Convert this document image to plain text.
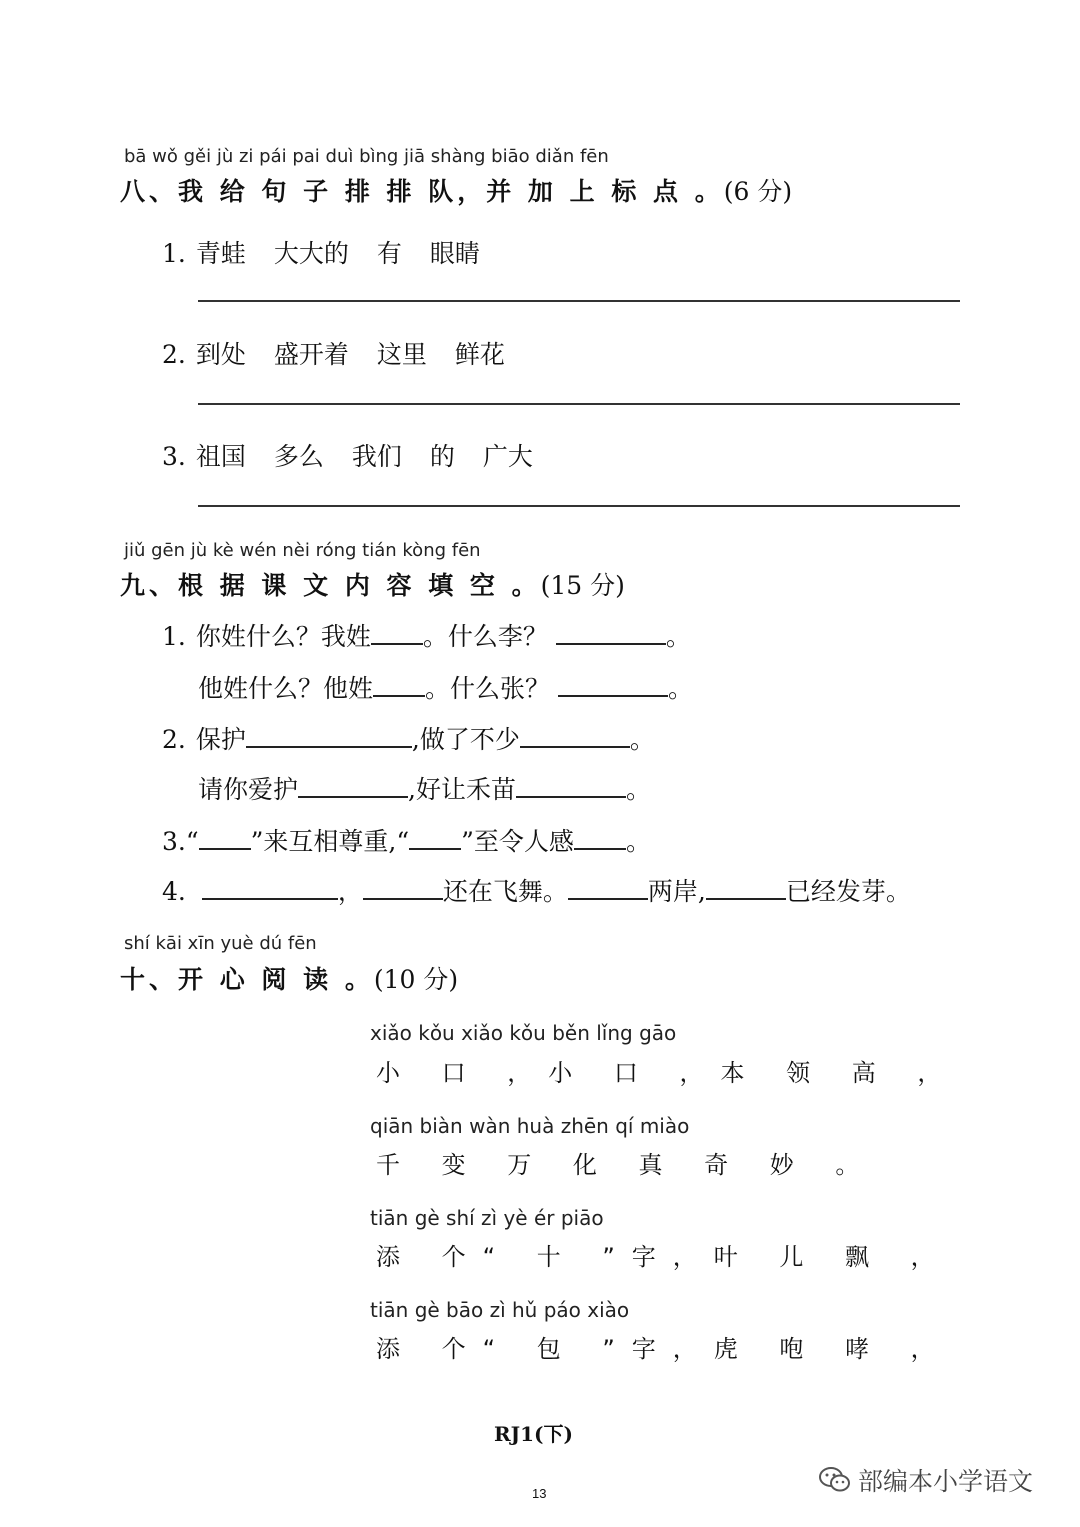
bā wǒ gěi jù zi pái pai duì bìng jiā shàng biāo diǎn fēn
八、我 给 句 子 排 排 队，并 加 上 标 点 。(6 分)
1. 青蛙 大大的 有 眼睛
2. 到处 盛开着 这里 鲜花
3. 祖国 多么 我们 的 广大
jiǔ gēn jù kè wén nèi róng tián kòng fēn
九、根 据 课 文 内 容 填 空 。(15 分)
1. 你姓什么？我姓 。什么李？	。
他姓什么？他姓 。什么张？	。
2. 保护	,做了不少	。
请你爱护	,好让禾苗	。
3.“ ”来互相尊重,“ ”至令人感 。
4.	，	还在飞舞。	两岸,	已经发芽。
shí kāi xīn yuè dú fēn
十、开 心 阅 读 。(10 分)
xiǎo kǒu xiǎo kǒu běn lǐng gāo
小 口 ，小 口 ，本 领 高 ，
qiān biàn wàn huà zhēn qí miào
千 变 万 化 真 奇 妙 。
tiān gè shí zì yè ér piāo
添 个“ 十 ”字，叶 儿 飘 ，
tiān gè bāo zì hǔ páo xiào
添 个“ 包 ”字，虎 咆 哮 ，
RJ1(下)
13	部编本小学语文
